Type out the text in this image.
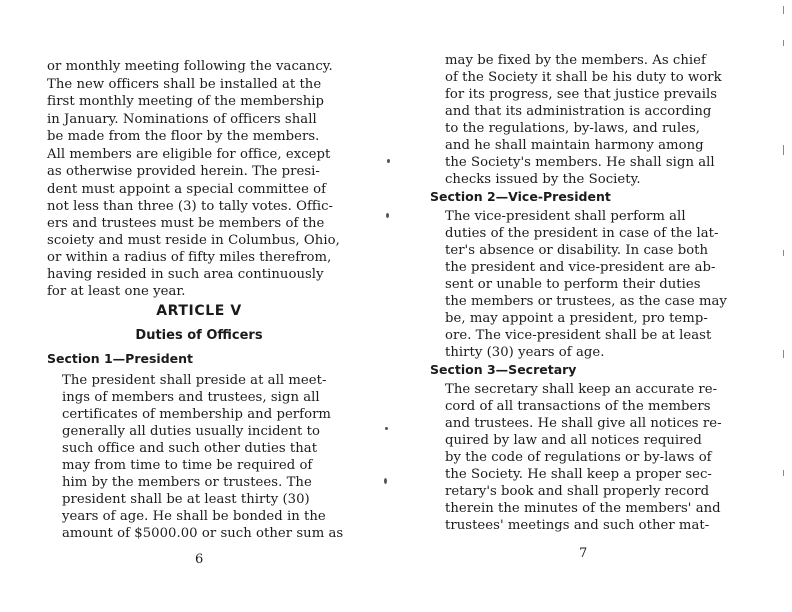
or monthly meeting following the vacancy.
The new officers shall be installed at the
first monthly meeting of the membership
in January. Nominations of officers shall
be made from the floor by the members.
All members are eligible for office, except
as otherwise provided herein. The presi-
dent must appoint a special committee of
not less than three (3) to tally votes. Offic-
ers and trustees must be members of the
scoiety and must reside in Columbus, Ohio,
or within a radius of fifty miles therefrom,
having resided in such area continuously
for at least one year.
ARTICLE V
Duties of Officers
Section 1—President
The president shall preside at all meet-
ings of members and trustees, sign all
certificates of membership and perform
generally all duties usually incident to
such office and such other duties that
may from time to time be required of
him by the members or trustees. The
president shall be at least thirty (30)
years of age. He shall be bonded in the
amount of $5000.00 or such other sum as
6
may be fixed by the members. As chief
of the Society it shall be his duty to work
for its progress, see that justice prevails
and that its administration is according
to the regulations, by-laws, and rules,
and he shall maintain harmony among
the Society's members. He shall sign all
checks issued by the Society.
Section 2—Vice-President
The vice-president shall perform all
duties of the president in case of the lat-
ter's absence or disability. In case both
the president and vice-president are ab-
sent or unable to perform their duties
the members or trustees, as the case may
be, may appoint a president, pro temp-
ore. The vice-president shall be at least
thirty (30) years of age.
Section 3—Secretary
The secretary shall keep an accurate re-
cord of all transactions of the members
and trustees. He shall give all notices re-
quired by law and all notices required
by the code of regulations or by-laws of
the Society. He shall keep a proper sec-
retary's book and shall properly record
therein the minutes of the members' and
trustees' meetings and such other mat-
7
